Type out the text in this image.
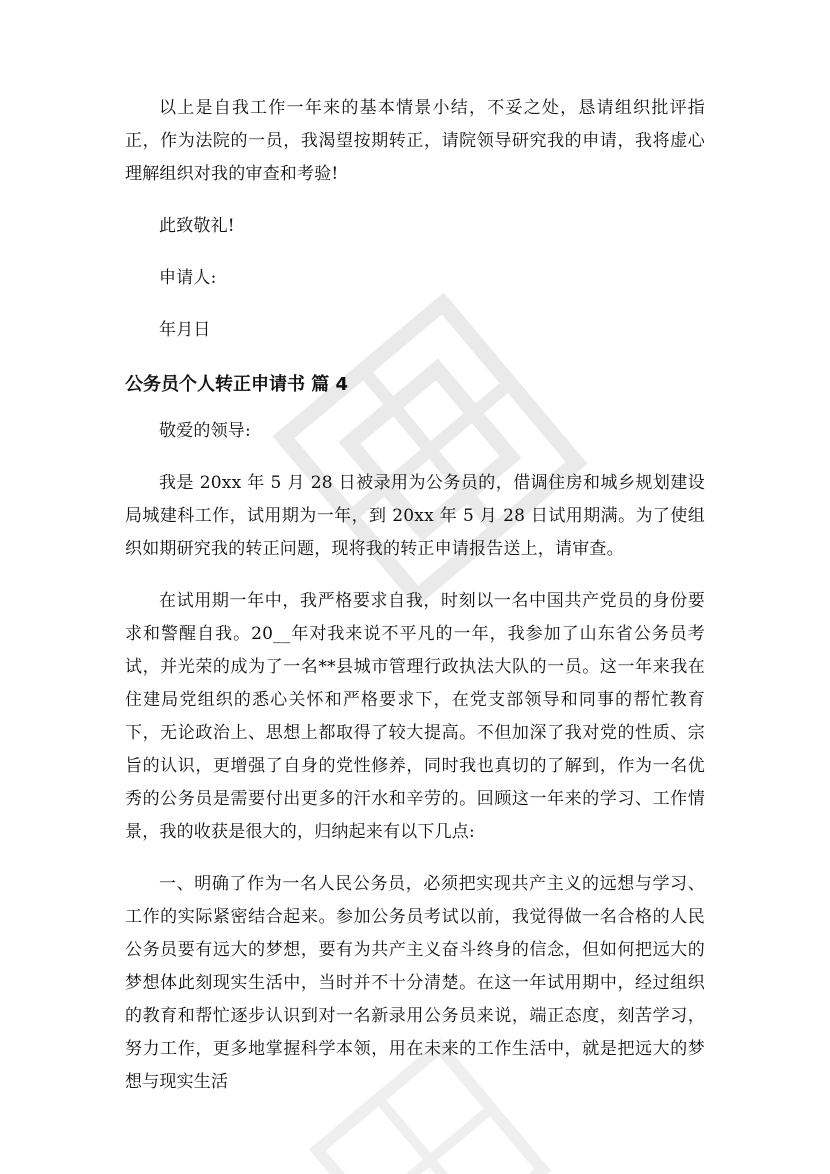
以上是自我工作一年来的基本情景小结，不妥之处，恳请组织批评指正，作为法院的一员，我渴望按期转正，请院领导研究我的申请，我将虚心理解组织对我的审查和考验!

此致敬礼!

申请人:

年月日

公务员个人转正申请书 篇 4

敬爱的领导:

我是 20xx 年 5 月 28 日被录用为公务员的，借调住房和城乡规划建设局城建科工作，试用期为一年，到 20xx 年 5 月 28 日试用期满。为了使组织如期研究我的转正问题，现将我的转正申请报告送上，请审查。

在试用期一年中，我严格要求自我，时刻以一名中国共产党员的身份要求和警醒自我。20__年对我来说不平凡的一年，我参加了山东省公务员考试，并光荣的成为了一名**县城市管理行政执法大队的一员。这一年来我在住建局党组织的悉心关怀和严格要求下，在党支部领导和同事的帮忙教育下，无论政治上、思想上都取得了较大提高。不但加深了我对党的性质、宗旨的认识，更增强了自身的党性修养，同时我也真切的了解到，作为一名优秀的公务员是需要付出更多的汗水和辛劳的。回顾这一年来的学习、工作情景，我的收获是很大的，归纳起来有以下几点:

一、明确了作为一名人民公务员，必须把实现共产主义的远想与学习、工作的实际紧密结合起来。参加公务员考试以前，我觉得做一名合格的人民公务员要有远大的梦想，要有为共产主义奋斗终身的信念，但如何把远大的梦想体此刻现实生活中，当时并不十分清楚。在这一年试用期中，经过组织的教育和帮忙逐步认识到对一名新录用公务员来说，端正态度，刻苦学习，努力工作，更多地掌握科学本领，用在未来的工作生活中，就是把远大的梦想与现实生活
